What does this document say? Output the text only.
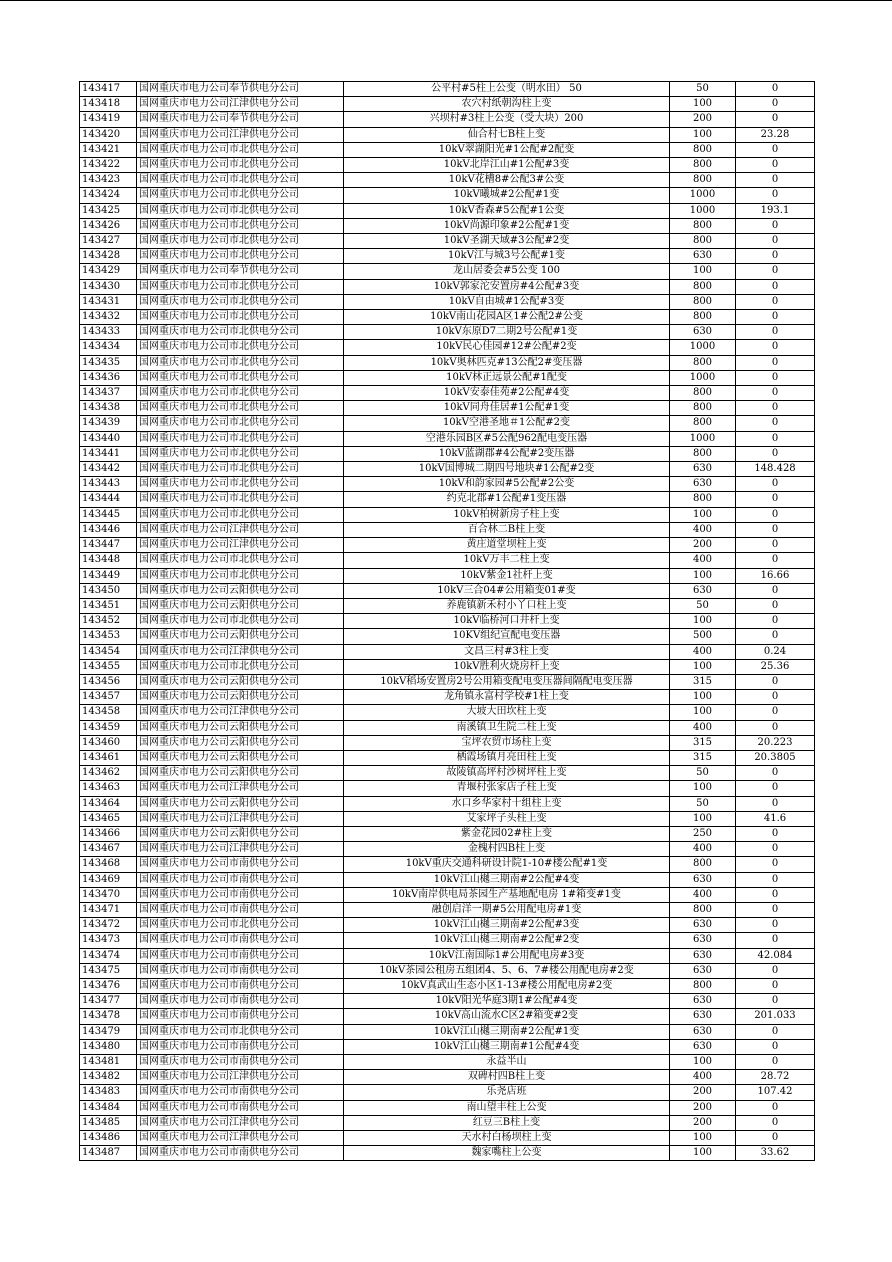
143417	国网重庆市电力公司奉节供电分公司	公平村#5柱上公变（明水田） 50	50	0
143418	国网重庆市电力公司江津供电分公司	农穴村纸朝沟柱上变	100	0
143419	国网重庆市电力公司奉节供电分公司	兴坝村#3柱上公变（受大块）200	200	0
143420	国网重庆市电力公司江津供电分公司	仙合村七B柱上变	100	23.28
143421	国网重庆市电力公司市北供电分公司	10kV翠湖阳光#1公配#2配变	800	0
143422	国网重庆市电力公司市北供电分公司	10kV北岸江山#1公配#3变	800	0
143423	国网重庆市电力公司市北供电分公司	10kV花槽8#公配3#公变	800	0
143424	国网重庆市电力公司市北供电分公司	10kV曦城#2公配#1变	1000	0
143425	国网重庆市电力公司市北供电分公司	10kV香森#5公配#1公变	1000	193.1
143426	国网重庆市电力公司市北供电分公司	10kV尚源印象#2公配#1变	800	0
143427	国网重庆市电力公司市北供电分公司	10kV圣湖天域#3公配#2变	800	0
143428	国网重庆市电力公司市北供电分公司	10kV江与城3号公配#1变	630	0
143429	国网重庆市电力公司奉节供电分公司	龙山居委会#5公变 100	100	0
143430	国网重庆市电力公司市北供电分公司	10kV郭家沱安置房#4公配#3变	800	0
143431	国网重庆市电力公司市北供电分公司	10kV自由城#1公配#3变	800	0
143432	国网重庆市电力公司市北供电分公司	10kV南山花园A区1#公配2#公变	800	0
143433	国网重庆市电力公司市北供电分公司	10kV东原D7二期2号公配#1变	630	0
143434	国网重庆市电力公司市北供电分公司	10kV民心佳园#12#公配#2变	1000	0
143435	国网重庆市电力公司市北供电分公司	10kV奥林匹克#13公配2#变压器	800	0
143436	国网重庆市电力公司市北供电分公司	10kV林正远景公配#1配变	1000	0
143437	国网重庆市电力公司市北供电分公司	10kV安泰佳苑#2公配#4变	800	0
143438	国网重庆市电力公司市北供电分公司	10kV同舟佳居#1公配#1变	800	0
143439	国网重庆市电力公司市北供电分公司	10kV空港圣地＃1公配#2变	800	0
143440	国网重庆市电力公司市北供电分公司	空港乐园B区#5公配962配电变压器	1000	0
143441	国网重庆市电力公司市北供电分公司	10kV蓝湖郡#4公配#2变压器	800	0
143442	国网重庆市电力公司市北供电分公司	10kV国博城二期四号地块#1公配#2变	630	148.428
143443	国网重庆市电力公司市北供电分公司	10kV和韵家园#5公配#2公变	630	0
143444	国网重庆市电力公司市北供电分公司	约克北郡#1公配#1变压器	800	0
143445	国网重庆市电力公司市北供电分公司	10kV柏树新房子柱上变	100	0
143446	国网重庆市电力公司江津供电分公司	百合林二B柱上变	400	0
143447	国网重庆市电力公司江津供电分公司	黄庄道堂坝柱上变	200	0
143448	国网重庆市电力公司市北供电分公司	10kV万丰二柱上变	400	0
143449	国网重庆市电力公司市北供电分公司	10kV紫金1社杆上变	100	16.66
143450	国网重庆市电力公司云阳供电分公司	10kV三合04#公用箱变01#变	630	0
143451	国网重庆市电力公司云阳供电分公司	养鹿镇新禾村小丫口柱上变	50	0
143452	国网重庆市电力公司市北供电分公司	10kV临桥河口井杆上变	100	0
143453	国网重庆市电力公司云阳供电分公司	10KV组纪宣配电变压器	500	0
143454	国网重庆市电力公司江津供电分公司	文昌三村#3柱上变	400	0.24
143455	国网重庆市电力公司市北供电分公司	10kV胜利火烧房杆上变	100	25.36
143456	国网重庆市电力公司云阳供电分公司	10kV稻场安置房2号公用箱变配电变压器间隔配电变压器	315	0
143457	国网重庆市电力公司云阳供电分公司	龙角镇永富村学校#1柱上变	100	0
143458	国网重庆市电力公司江津供电分公司	大坡大田坎柱上变	100	0
143459	国网重庆市电力公司云阳供电分公司	南溪镇卫生院二柱上变	400	0
143460	国网重庆市电力公司云阳供电分公司	宝坪农贸市场柱上变	315	20.223
143461	国网重庆市电力公司云阳供电分公司	栖霞场镇月亮田柱上变	315	20.3805
143462	国网重庆市电力公司云阳供电分公司	故陵镇高坪村沙树坪柱上变	50	0
143463	国网重庆市电力公司江津供电分公司	青堰村张家店子柱上变	100	0
143464	国网重庆市电力公司云阳供电分公司	水口乡华家村十组柱上变	50	0
143465	国网重庆市电力公司江津供电分公司	艾家坪子头柱上变	100	41.6
143466	国网重庆市电力公司云阳供电分公司	紫金花园02#柱上变	250	0
143467	国网重庆市电力公司江津供电分公司	金槐村四B柱上变	400	0
143468	国网重庆市电力公司市南供电分公司	10kV重庆交通科研设计院1-10#楼公配#1变	800	0
143469	国网重庆市电力公司市南供电分公司	10kV江山樾三期南#2公配#4变	630	0
143470	国网重庆市电力公司市南供电分公司	10kV南岸供电局茶园生产基地配电房 1#箱变#1变	400	0
143471	国网重庆市电力公司市南供电分公司	融创启洋一期#5公用配电房#1变	800	0
143472	国网重庆市电力公司市北供电分公司	10kV江山樾三期南#2公配#3变	630	0
143473	国网重庆市电力公司市南供电分公司	10kV江山樾三期南#2公配#2变	630	0
143474	国网重庆市电力公司市南供电分公司	10kV江南国际1#公用配电房#3变	630	42.084
143475	国网重庆市电力公司市南供电分公司	10kV茶园公租房五组团4、5、6、7#楼公用配电房#2变	630	0
143476	国网重庆市电力公司市南供电分公司	10kV真武山生态小区1-13#楼公用配电房#2变	800	0
143477	国网重庆市电力公司市南供电分公司	10kV阳光华庭3期1#公配#4变	630	0
143478	国网重庆市电力公司市南供电分公司	10kV高山流水C区2#箱变#2变	630	201.033
143479	国网重庆市电力公司市北供电分公司	10kV江山樾三期南#2公配#1变	630	0
143480	国网重庆市电力公司市南供电分公司	10kV江山樾三期南#1公配#4变	630	0
143481	国网重庆市电力公司市南供电分公司	永益半山	100	0
143482	国网重庆市电力公司江津供电分公司	双碑村四B柱上变	400	28.72
143483	国网重庆市电力公司市南供电分公司	乐尧店班	200	107.42
143484	国网重庆市电力公司市南供电分公司	南山望丰柱上公变	200	0
143485	国网重庆市电力公司江津供电分公司	红豆三B柱上变	200	0
143486	国网重庆市电力公司江津供电分公司	天水村白杨坝柱上变	100	0
143487	国网重庆市电力公司市南供电分公司	魏家嘴柱上公变	100	33.62
